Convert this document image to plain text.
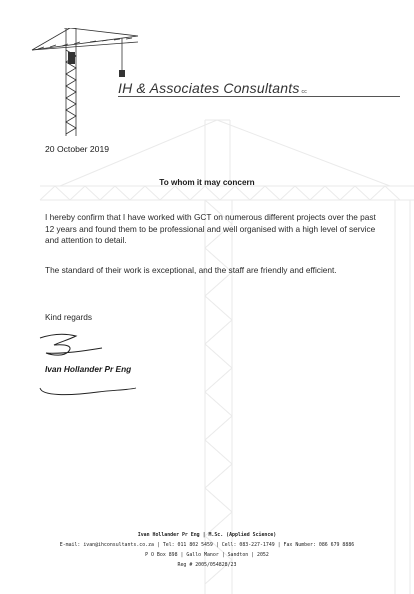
IH & Associates Consultants cc
20 October 2019
To whom it may concern
I hereby confirm that I have worked with GCT on numerous different projects over the past 12 years and found them to be professional and well organised with a high level of service and attention to detail.
The standard of their work is exceptional, and the staff are friendly and efficient.
Kind regards
Ivan Hollander Pr Eng
Ivan Hollander Pr Eng | M.Sc. (Applied Science)
E-mail: ivan@ihconsultants.co.za | Tel: 011 802 5459 | Cell: 083-227-1749 | Fax Number: 086 679 8886
P O Box 898 | Gallo Manor | Sandton | 2052
Reg # 2005/054828/23
